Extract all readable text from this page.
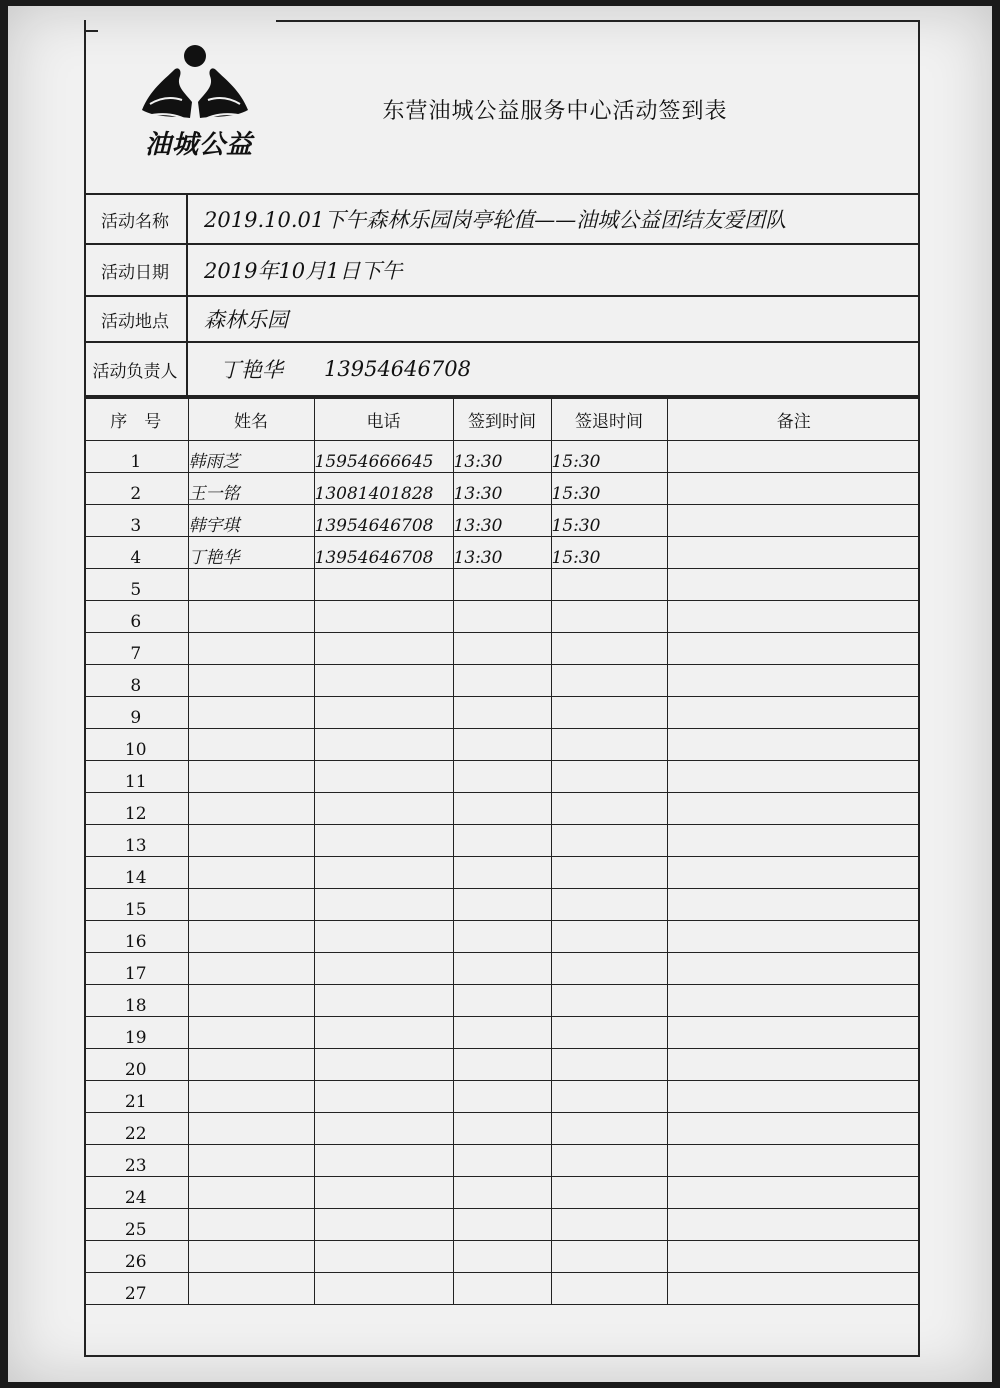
油城公益
东营油城公益服务中心活动签到表
活动名称	2019.10.01下午森林乐园岗亭轮值——油城公益团结友爱团队
活动日期	2019年10月1日下午
活动地点	森林乐园
活动负责人	丁艳华 13954646708
序　号	姓名	电话	签到时间	签退时间	备注
1	韩雨芝	15954666645	13:30	15:30	
2	王一铭	13081401828	13:30	15:30	
3	韩宇琪	13954646708	13:30	15:30	
4	丁艳华	13954646708	13:30	15:30	
5					
6					
7					
8					
9					
10					
11					
12					
13					
14					
15					
16					
17					
18					
19					
20					
21					
22					
23					
24					
25					
26					
27					
